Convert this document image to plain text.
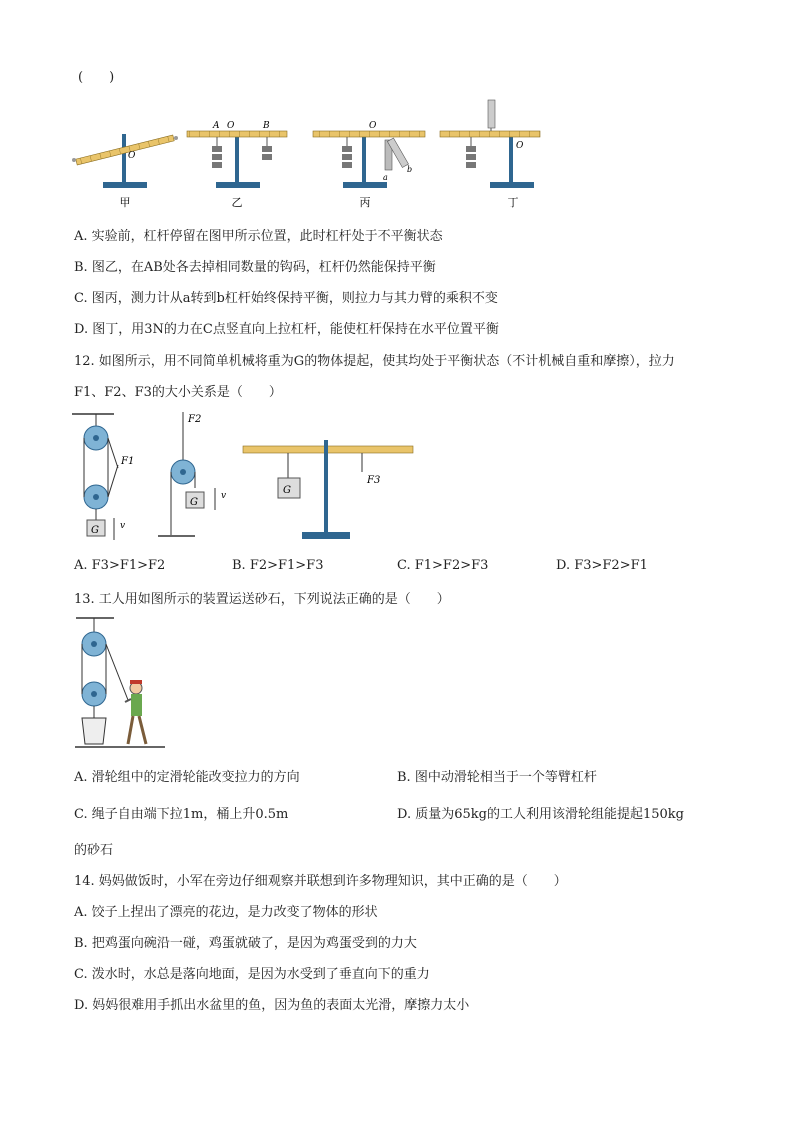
(　　)
O
甲
A O	B
乙
O
a
b
丙
O
丁
A. 实验前，杠杆停留在图甲所示位置，此时杠杆处于不平衡状态
B. 图乙，在AB处各去掉相同数量的钩码，杠杆仍然能保持平衡
C. 图丙，测力计从a转到b杠杆始终保持平衡，则拉力与其力臂的乘积不变
D. 图丁，用3N的力在C点竖直向上拉杠杆，能使杠杆保持在水平位置平衡
12. 如图所示，用不同简单机械将重为G的物体提起，使其均处于平衡状态（不计机械自重和摩擦），拉力
F1、F2、F3的大小关系是（　　）
F1
G v
F2
G
v	G
F3
A. F3>F1>F2	B. F2>F1>F3	C. F1>F2>F3	D. F3>F2>F1
13. 工人用如图所示的装置运送砂石，下列说法正确的是（　　）
A. 滑轮组中的定滑轮能改变拉力的方向	B. 图中动滑轮相当于一个等臂杠杆
C. 绳子自由端下拉1m，桶上升0.5m	D. 质量为65kg的工人利用该滑轮组能提起150kg
的砂石
14. 妈妈做饭时，小军在旁边仔细观察并联想到许多物理知识，其中正确的是（　　）
A. 饺子上捏出了漂亮的花边，是力改变了物体的形状
B. 把鸡蛋向碗沿一碰，鸡蛋就破了，是因为鸡蛋受到的力大
C. 泼水时，水总是落向地面，是因为水受到了垂直向下的重力
D. 妈妈很难用手抓出水盆里的鱼，因为鱼的表面太光滑，摩擦力太小
